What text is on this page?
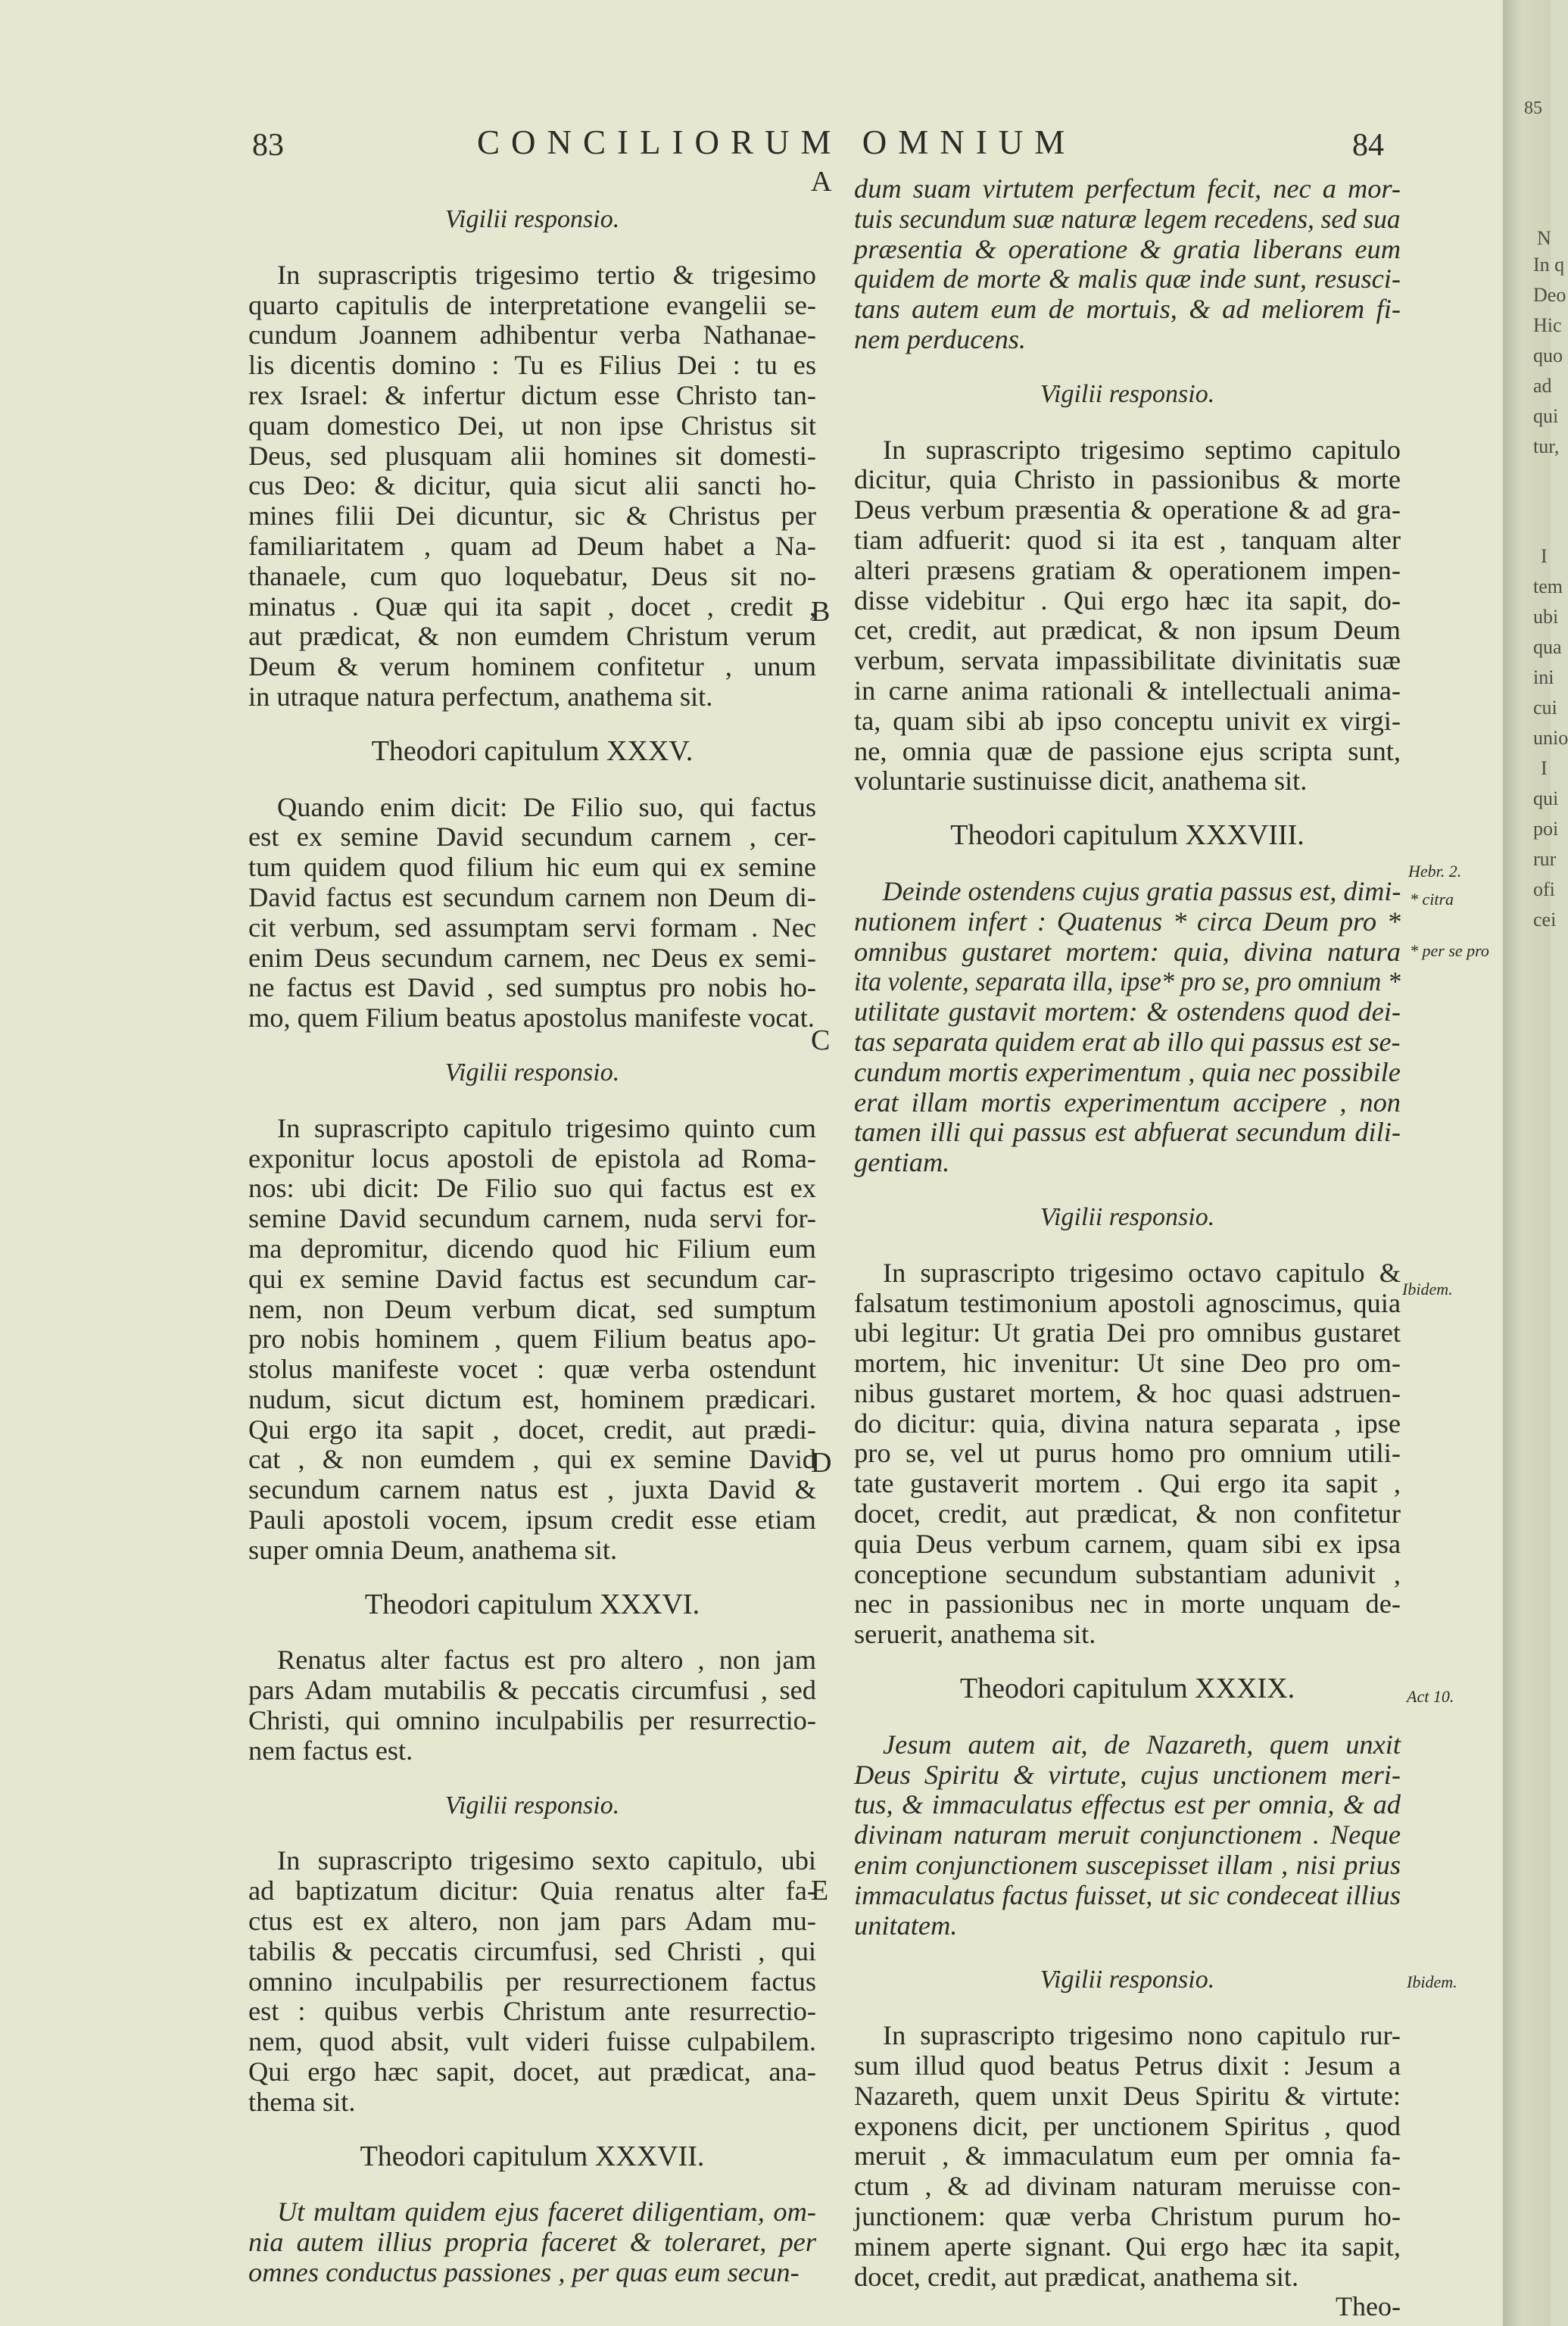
85
N
In q
Deo
Hic
quo
ad
qui
tur,
I
tem
ubi
qua
ini
cui
unio
I
qui
poi
rur
ofi
cei
83	CONCILIORUM OMNIUM	84
A
B
C
D
E
Hebr. 2.
* citra
* per se pro
Ibidem.
Act 10.
Ibidem.
Vigilii responsio.

In suprascriptis trigesimo tertio & trigesimo

quarto capitulis de interpretatione evangelii se-

cundum Joannem adhibentur verba Nathanae-

lis dicentis domino : Tu es Filius Dei : tu es

rex Israel: & infertur dictum esse Christo tan-

quam domestico Dei, ut non ipse Christus sit

Deus, sed plusquam alii homines sit domesti-

cus Deo: & dicitur, quia sicut alii sancti ho-

mines filii Dei dicuntur, sic & Christus per

familiaritatem , quam ad Deum habet a Na-

thanaele, cum quo loquebatur, Deus sit no-

minatus . Quæ qui ita sapit , docet , credit ,

aut prædicat, & non eumdem Christum verum

Deum & verum hominem confitetur , unum

in utraque natura perfectum, anathema sit.

Theodori capitulum XXXV.

Quando enim dicit: De Filio suo, qui factus

est ex semine David secundum carnem , cer-

tum quidem quod filium hic eum qui ex semine

David factus est secundum carnem non Deum di-

cit verbum, sed assumptam servi formam . Nec

enim Deus secundum carnem, nec Deus ex semi-

ne factus est David , sed sumptus pro nobis ho-

mo, quem Filium beatus apostolus manifeste vocat.

Vigilii responsio.

In suprascripto capitulo trigesimo quinto cum

exponitur locus apostoli de epistola ad Roma-

nos: ubi dicit: De Filio suo qui factus est ex

semine David secundum carnem, nuda servi for-

ma depromitur, dicendo quod hic Filium eum

qui ex semine David factus est secundum car-

nem, non Deum verbum dicat, sed sumptum

pro nobis hominem , quem Filium beatus apo-

stolus manifeste vocet : quæ verba ostendunt

nudum, sicut dictum est, hominem prædicari.

Qui ergo ita sapit , docet, credit, aut prædi-

cat , & non eumdem , qui ex semine David

secundum carnem natus est , juxta David &

Pauli apostoli vocem, ipsum credit esse etiam

super omnia Deum, anathema sit.

Theodori capitulum XXXVI.

Renatus alter factus est pro altero , non jam

pars Adam mutabilis & peccatis circumfusi , sed

Christi, qui omnino inculpabilis per resurrectio-

nem factus est.

Vigilii responsio.

In suprascripto trigesimo sexto capitulo, ubi

ad baptizatum dicitur: Quia renatus alter fa-

ctus est ex altero, non jam pars Adam mu-

tabilis & peccatis circumfusi, sed Christi , qui

omnino inculpabilis per resurrectionem factus

est : quibus verbis Christum ante resurrectio-

nem, quod absit, vult videri fuisse culpabilem.

Qui ergo hæc sapit, docet, aut prædicat, ana-

thema sit.

Theodori capitulum XXXVII.

Ut multam quidem ejus faceret diligentiam, om-

nia autem illius propria faceret & toleraret, per

omnes conductus passiones , per quas eum secun-

dum suam virtutem perfectum fecit, nec a mor-

tuis secundum suæ naturæ legem recedens, sed sua

præsentia & operatione & gratia liberans eum

quidem de morte & malis quæ inde sunt, resusci-

tans autem eum de mortuis, & ad meliorem fi-

nem perducens.

Vigilii responsio.

In suprascripto trigesimo septimo capitulo

dicitur, quia Christo in passionibus & morte

Deus verbum præsentia & operatione & ad gra-

tiam adfuerit: quod si ita est , tanquam alter

alteri præsens gratiam & operationem impen-

disse videbitur . Qui ergo hæc ita sapit, do-

cet, credit, aut prædicat, & non ipsum Deum

verbum, servata impassibilitate divinitatis suæ

in carne anima rationali & intellectuali anima-

ta, quam sibi ab ipso conceptu univit ex virgi-

ne, omnia quæ de passione ejus scripta sunt,

voluntarie sustinuisse dicit, anathema sit.

Theodori capitulum XXXVIII.

Deinde ostendens cujus gratia passus est, dimi-

nutionem infert : Quatenus * circa Deum pro *

omnibus gustaret mortem: quia, divina natura

ita volente, separata illa, ipse* pro se, pro omnium *

utilitate gustavit mortem: & ostendens quod dei-

tas separata quidem erat ab illo qui passus est se-

cundum mortis experimentum , quia nec possibile

erat illam mortis experimentum accipere , non

tamen illi qui passus est abfuerat secundum dili-

gentiam.

Vigilii responsio.

In suprascripto trigesimo octavo capitulo &

falsatum testimonium apostoli agnoscimus, quia

ubi legitur: Ut gratia Dei pro omnibus gustaret

mortem, hic invenitur: Ut sine Deo pro om-

nibus gustaret mortem, & hoc quasi adstruen-

do dicitur: quia, divina natura separata , ipse

pro se, vel ut purus homo pro omnium utili-

tate gustaverit mortem . Qui ergo ita sapit ,

docet, credit, aut prædicat, & non confitetur

quia Deus verbum carnem, quam sibi ex ipsa

conceptione secundum substantiam adunivit ,

nec in passionibus nec in morte unquam de-

seruerit, anathema sit.

Theodori capitulum XXXIX.

Jesum autem ait, de Nazareth, quem unxit

Deus Spiritu & virtute, cujus unctionem meri-

tus, & immaculatus effectus est per omnia, & ad

divinam naturam meruit conjunctionem . Neque

enim conjunctionem suscepisset illam , nisi prius

immaculatus factus fuisset, ut sic condeceat illius

unitatem.

Vigilii responsio.

In suprascripto trigesimo nono capitulo rur-

sum illud quod beatus Petrus dixit : Jesum a

Nazareth, quem unxit Deus Spiritu & virtute:

exponens dicit, per unctionem Spiritus , quod

meruit , & immaculatum eum per omnia fa-

ctum , & ad divinam naturam meruisse con-

junctionem: quæ verba Christum purum ho-

minem aperte signant. Qui ergo hæc ita sapit,

docet, credit, aut prædicat, anathema sit.

Theo-
